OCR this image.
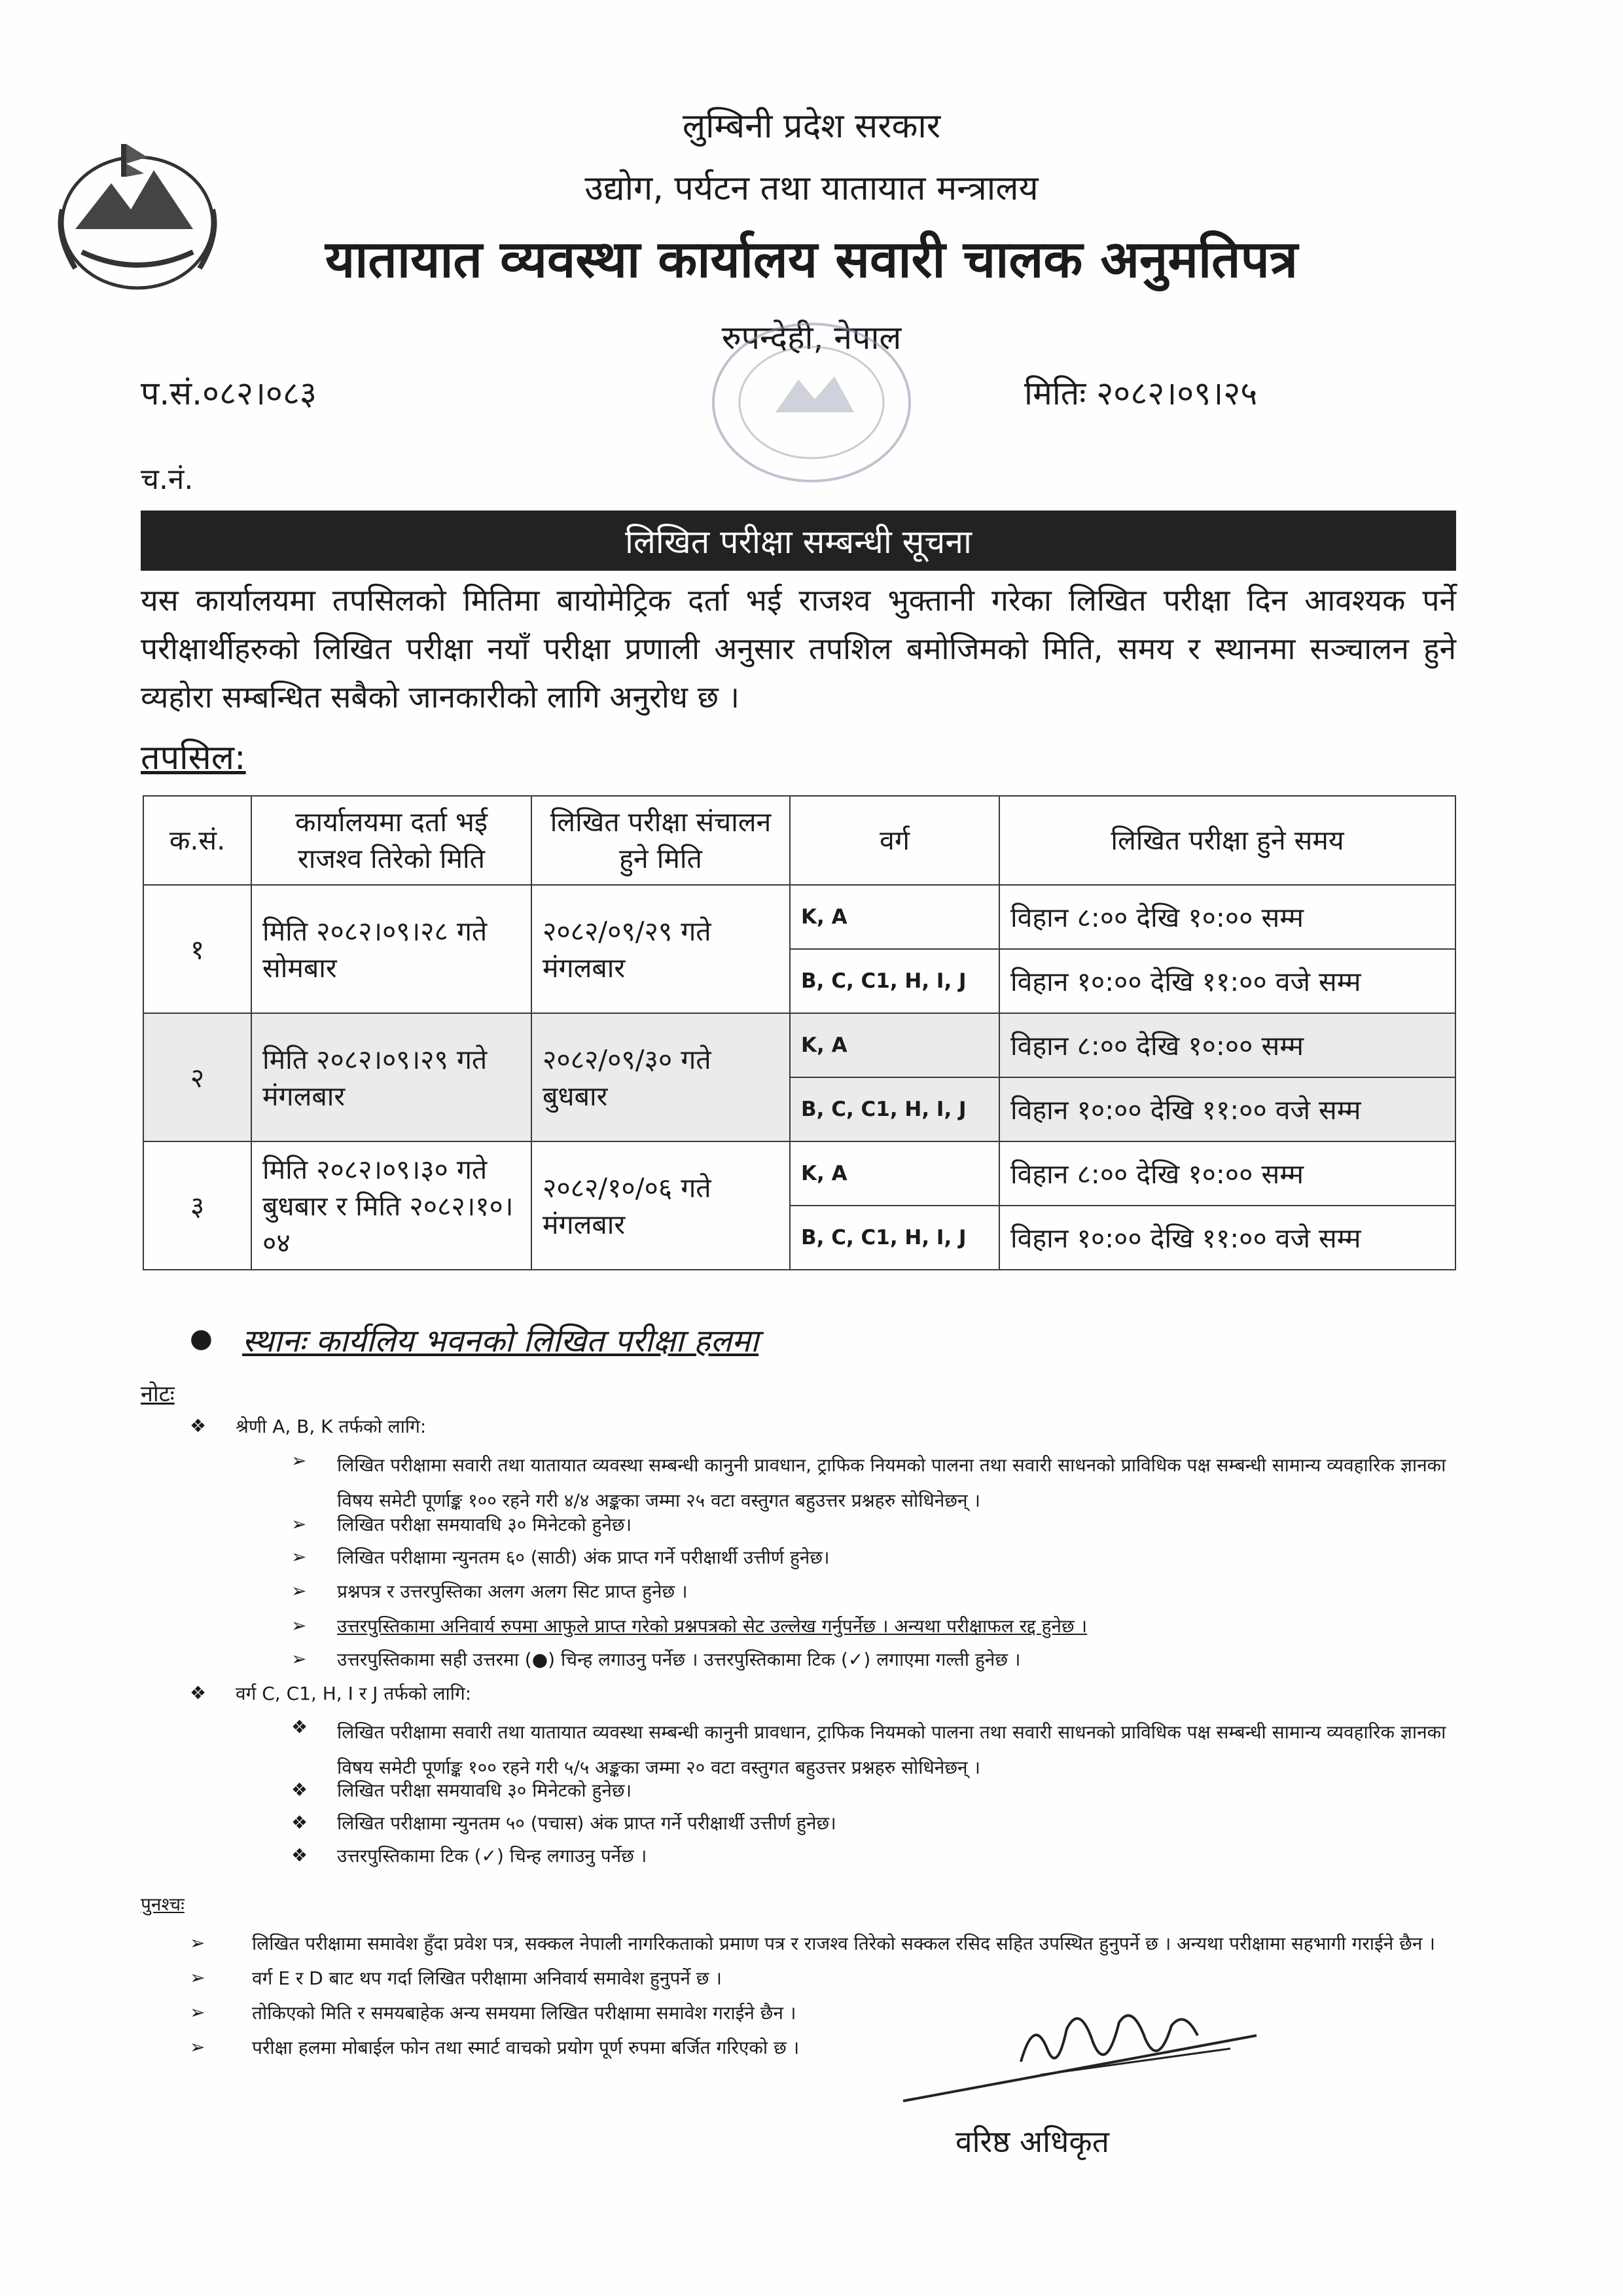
लुम्बिनी प्रदेश सरकार
उद्योग, पर्यटन तथा यातायात मन्त्रालय
यातायात व्यवस्था कार्यालय सवारी चालक अनुमतिपत्र
रुपन्देही, नेपाल
प.सं.०८२।०८३	मितिः २०८२।०९।२५
च.नं.
लिखित परीक्षा सम्बन्धी सूचना
यस कार्यालयमा तपसिलको मितिमा बायोमेट्रिक दर्ता भई राजश्व भुक्तानी गरेका लिखित परीक्षा दिन आवश्यक पर्ने परीक्षार्थीहरुको लिखित परीक्षा नयाँ परीक्षा प्रणाली अनुसार तपशिल बमोजिमको मिति, समय र स्थानमा सञ्चालन हुने व्यहोरा सम्बन्धित सबैको जानकारीको लागि अनुरोध छ ।
तपसिल:
क.सं.	कार्यालयमा दर्ता भई राजश्व तिरेको मिति	लिखित परीक्षा संचालन हुने मिति	वर्ग	लिखित परीक्षा हुने समय
१	मिति २०८२।०९।२८ गते सोमबार	२०८२/०९/२९ गते मंगलबार	K, A	विहान ८:०० देखि १०:०० सम्म
			B, C, C1, H, I, J	विहान १०:०० देखि ११:०० वजे सम्म
२	मिति २०८२।०९।२९ गते मंगलबार	२०८२/०९/३० गते बुधबार	K, A	विहान ८:०० देखि १०:०० सम्म
			B, C, C1, H, I, J	विहान १०:०० देखि ११:०० वजे सम्म
३	मिति २०८२।०९।३० गते बुधबार र मिति २०८२।१०।०४	२०८२/१०/०६ गते मंगलबार	K, A	विहान ८:०० देखि १०:०० सम्म
			B, C, C1, H, I, J	विहान १०:०० देखि ११:०० वजे सम्म
● स्थानः कार्यलिय भवनको लिखित परीक्षा हलमा
नोटः
❖ श्रेणी A, B, K तर्फको लागि:
➢ लिखित परीक्षामा सवारी तथा यातायात व्यवस्था सम्बन्धी कानुनी प्रावधान, ट्राफिक नियमको पालना तथा सवारी साधनको प्राविधिक पक्ष सम्बन्धी सामान्य व्यवहारिक ज्ञानका विषय समेटी पूर्णाङ्क १०० रहने गरी ४/४ अङ्कका जम्मा २५ वटा वस्तुगत बहुउत्तर प्रश्नहरु सोधिनेछन् ।
➢ लिखित परीक्षा समयावधि ३० मिनेटको हुनेछ।
➢ लिखित परीक्षामा न्युनतम ६० (साठी) अंक प्राप्त गर्ने परीक्षार्थी उत्तीर्ण हुनेछ।
➢ प्रश्नपत्र र उत्तरपुस्तिका अलग अलग सिट प्राप्त हुनेछ ।
➢ उत्तरपुस्तिकामा अनिवार्य रुपमा आफुले प्राप्त गरेको प्रश्नपत्रको सेट उल्लेख गर्नुपर्नेछ । अन्यथा परीक्षाफल रद्द हुनेछ ।
➢ उत्तरपुस्तिकामा सही उत्तरमा (●) चिन्ह लगाउनु पर्नेछ । उत्तरपुस्तिकामा टिक (✓) लगाएमा गल्ती हुनेछ ।
❖ वर्ग C, C1, H, I र J तर्फको लागि:
❖ लिखित परीक्षामा सवारी तथा यातायात व्यवस्था सम्बन्धी कानुनी प्रावधान, ट्राफिक नियमको पालना तथा सवारी साधनको प्राविधिक पक्ष सम्बन्धी सामान्य व्यवहारिक ज्ञानका विषय समेटी पूर्णाङ्क १०० रहने गरी ५/५ अङ्कका जम्मा २० वटा वस्तुगत बहुउत्तर प्रश्नहरु सोधिनेछन् ।
❖ लिखित परीक्षा समयावधि ३० मिनेटको हुनेछ।
❖ लिखित परीक्षामा न्युनतम ५० (पचास) अंक प्राप्त गर्ने परीक्षार्थी उत्तीर्ण हुनेछ।
❖ उत्तरपुस्तिकामा टिक (✓) चिन्ह लगाउनु पर्नेछ ।
पुनश्चः
➢	लिखित परीक्षामा समावेश हुँदा प्रवेश पत्र, सक्कल नेपाली नागरिकताको प्रमाण पत्र र राजश्व तिरेको सक्कल रसिद सहित उपस्थित हुनुपर्ने छ । अन्यथा परीक्षामा सहभागी गराईने छैन ।
➢	वर्ग E र D बाट थप गर्दा लिखित परीक्षामा अनिवार्य समावेश हुनुपर्ने छ ।
➢	तोकिएको मिति र समयबाहेक अन्य समयमा लिखित परीक्षामा समावेश गराईने छैन ।
➢	परीक्षा हलमा मोबाईल फोन तथा स्मार्ट वाचको प्रयोग पूर्ण रुपमा बर्जित गरिएको छ ।
वरिष्ठ अधिकृत
